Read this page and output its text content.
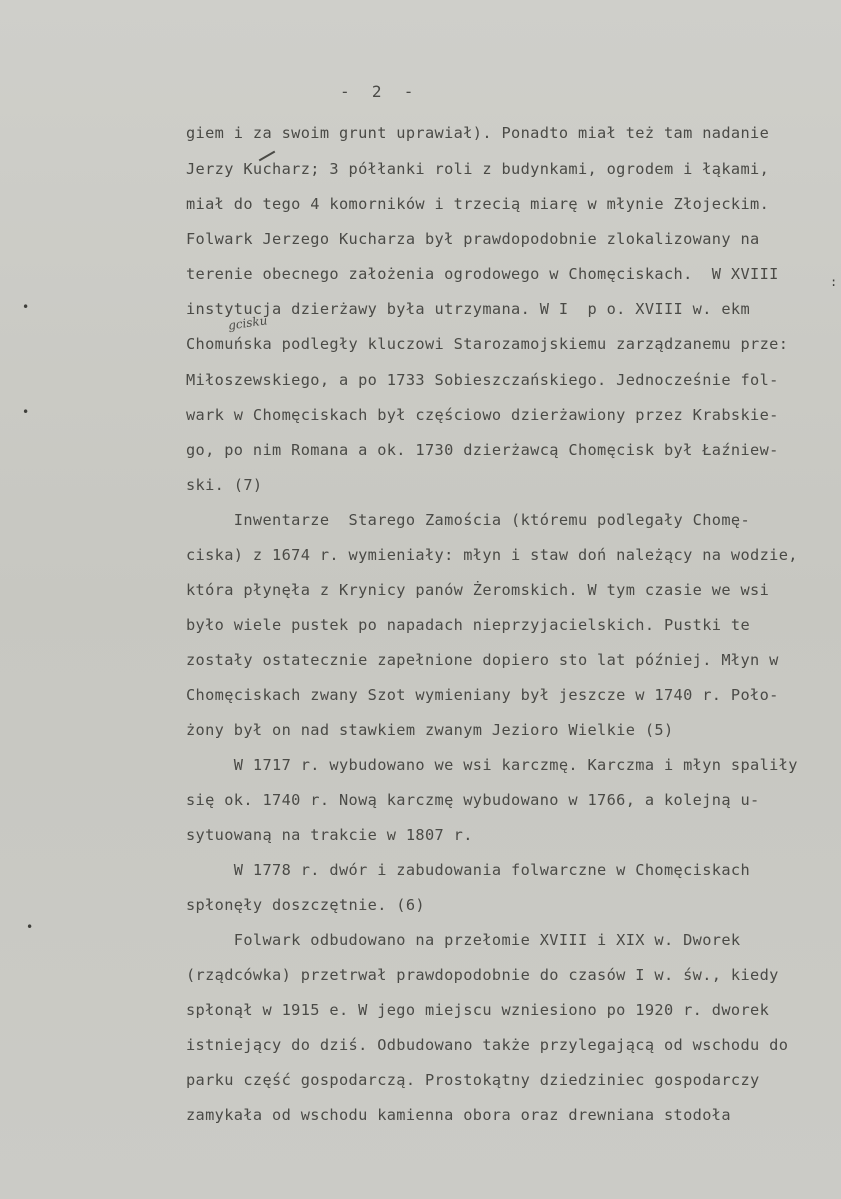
-  2  -
gcisku
:
•
•
•
giem i za swoim grunt uprawiał). Ponadto miał też tam nadanie
Jerzy Kucharz; 3 półłanki roli z budynkami, ogrodem i łąkami,
miał do tego 4 komorników i trzecią miarę w młynie Złojeckim.
Folwark Jerzego Kucharza był prawdopodobnie zlokalizowany na
terenie obecnego założenia ogrodowego w Chomęciskach.  W XVIII
instytucja dzierżawy była utrzymana. W I  p o. XVIII w. ekm
Chomuńska podległy kluczowi Starozamojskiemu zarządzanemu prze:
Miłoszewskiego, a po 1733 Sobieszczańskiego. Jednocześnie fol-
wark w Chomęciskach był częściowo dzierżawiony przez Krabskie-
go, po nim Romana a ok. 1730 dzierżawcą Chomęcisk był Łaźniew-
ski. (7)
Inwentarze  Starego Zamościa (któremu podlegały Chomę-
ciska) z 1674 r. wymieniały: młyn i staw doń należący na wodzie,
która płynęła z Krynicy panów Żeromskich. W tym czasie we wsi
było wiele pustek po napadach nieprzyjacielskich. Pustki te
zostały ostatecznie zapełnione dopiero sto lat później. Młyn w
Chomęciskach zwany Szot wymieniany był jeszcze w 1740 r. Poło-
żony był on nad stawkiem zwanym Jezioro Wielkie (5)
W 1717 r. wybudowano we wsi karczmę. Karczma i młyn spaliły
się ok. 1740 r. Nową karczmę wybudowano w 1766, a kolejną u-
sytuowaną na trakcie w 1807 r.
W 1778 r. dwór i zabudowania folwarczne w Chomęciskach
spłonęły doszczętnie. (6)
Folwark odbudowano na przełomie XVIII i XIX w. Dworek
(rządcówka) przetrwał prawdopodobnie do czasów I w. św., kiedy
spłonął w 1915 e. W jego miejscu wzniesiono po 1920 r. dworek
istniejący do dziś. Odbudowano także przylegającą od wschodu do
parku część gospodarczą. Prostokątny dziedziniec gospodarczy
zamykała od wschodu kamienna obora oraz drewniana stodoła
